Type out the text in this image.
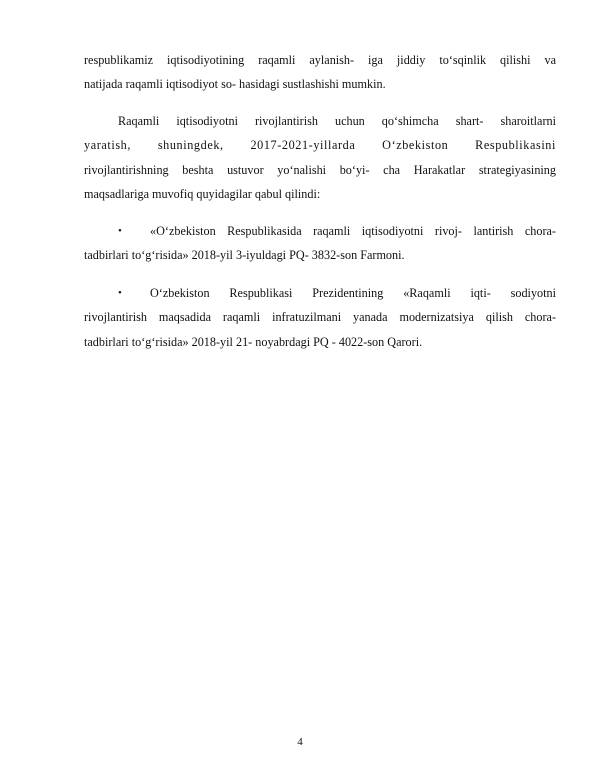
respublikamiz iqtisodiyotining raqamli aylanish- iga jiddiy to‘sqinlik qilishi va
natijada raqamli iqtisodiyot so- hasidagi sustlashishi mumkin.
Raqamli iqtisodiyotni rivojlantirish uchun qo‘shimcha shart- sharoitlarni
yaratish, shuningdek, 2017-2021-yillarda O‘zbekiston Respublikasini
rivojlantirishning beshta ustuvor yo‘nalishi bo‘yi- cha Harakatlar strategiyasining
maqsadlariga muvofiq quyidagilar qabul qilindi:
•	«O‘zbekiston Respublikasida raqamli iqtisodiyotni rivoj- lantirish chora-
tadbirlari to‘g‘risida» 2018-yil 3-iyuldagi PQ- 3832-son Farmoni.
•	O‘zbekiston Respublikasi Prezidentining «Raqamli iqti- sodiyotni
rivojlantirish maqsadida raqamli infratuzilmani yanada modernizatsiya qilish chora-
tadbirlari to‘g‘risida» 2018-yil 21- noyabrdagi PQ - 4022-son Qarori.
4
